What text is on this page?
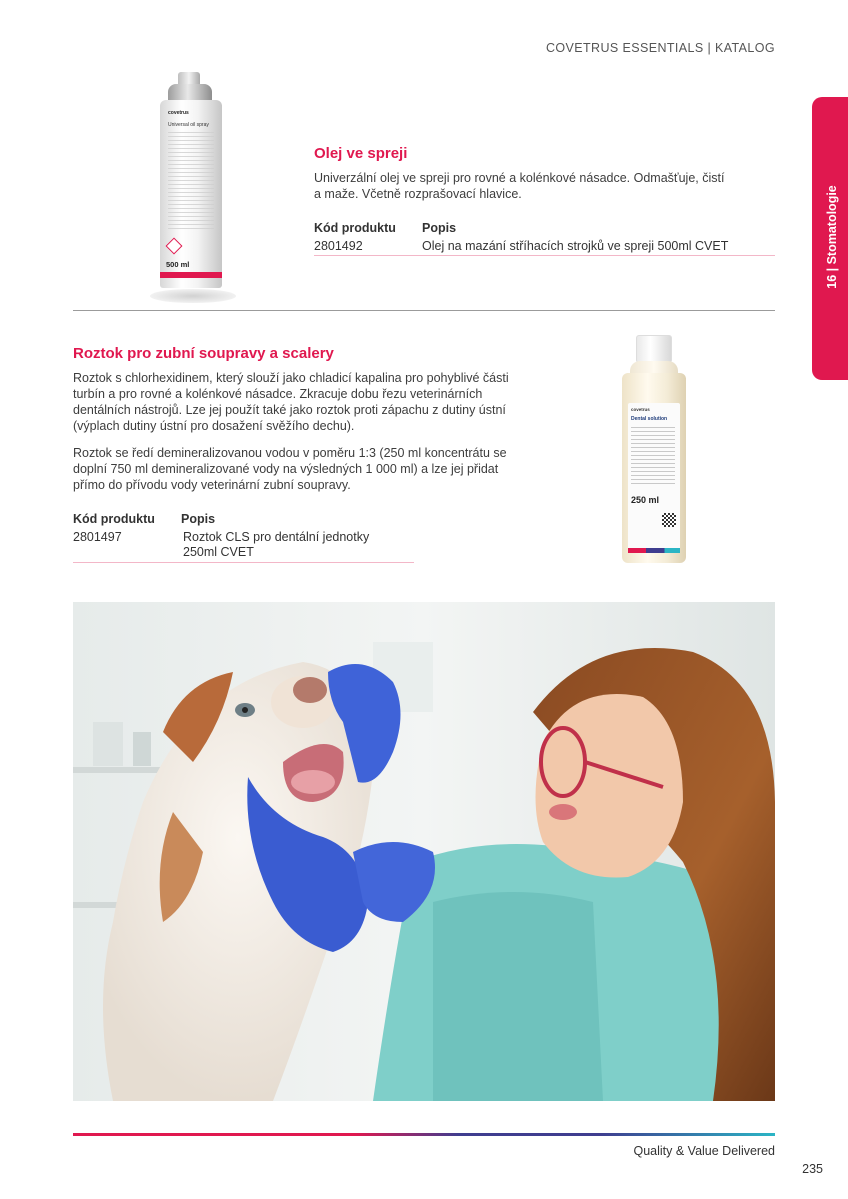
COVETRUS ESSENTIALS | KATALOG
16 | Stomatologie
covetrus
Universal oil spray
500 ml
Olej ve spreji
Univerzální olej ve spreji pro rovné a kolénkové násadce. Odmašťuje, čistí
a maže. Včetně rozprašovací hlavice.
Kód produktu Popis
2801492	Olej na mazání stříhacích strojků ve spreji 500ml CVET
Roztok pro zubní soupravy a scalery
Roztok s chlorhexidinem, který slouží jako chladicí kapalina pro pohyblivé části
turbín a pro rovné a kolénkové násadce. Zkracuje dobu řezu veterinárních
dentálních nástrojů. Lze jej použít také jako roztok proti zápachu z dutiny ústní
(výplach dutiny ústní pro dosažení svěžího dechu).
Roztok se ředí demineralizovanou vodou v poměru 1:3 (250 ml koncentrátu se
doplní 750 ml demineralizované vody na výsledných 1 000 ml) a lze jej přidat
přímo do přívodu vody veterinární zubní soupravy.
Kód produktu Popis
2801497	Roztok CLS pro dentální jednotky
250ml CVET
covetrus
Dental solution
250 ml
Quality & Value Delivered
235
